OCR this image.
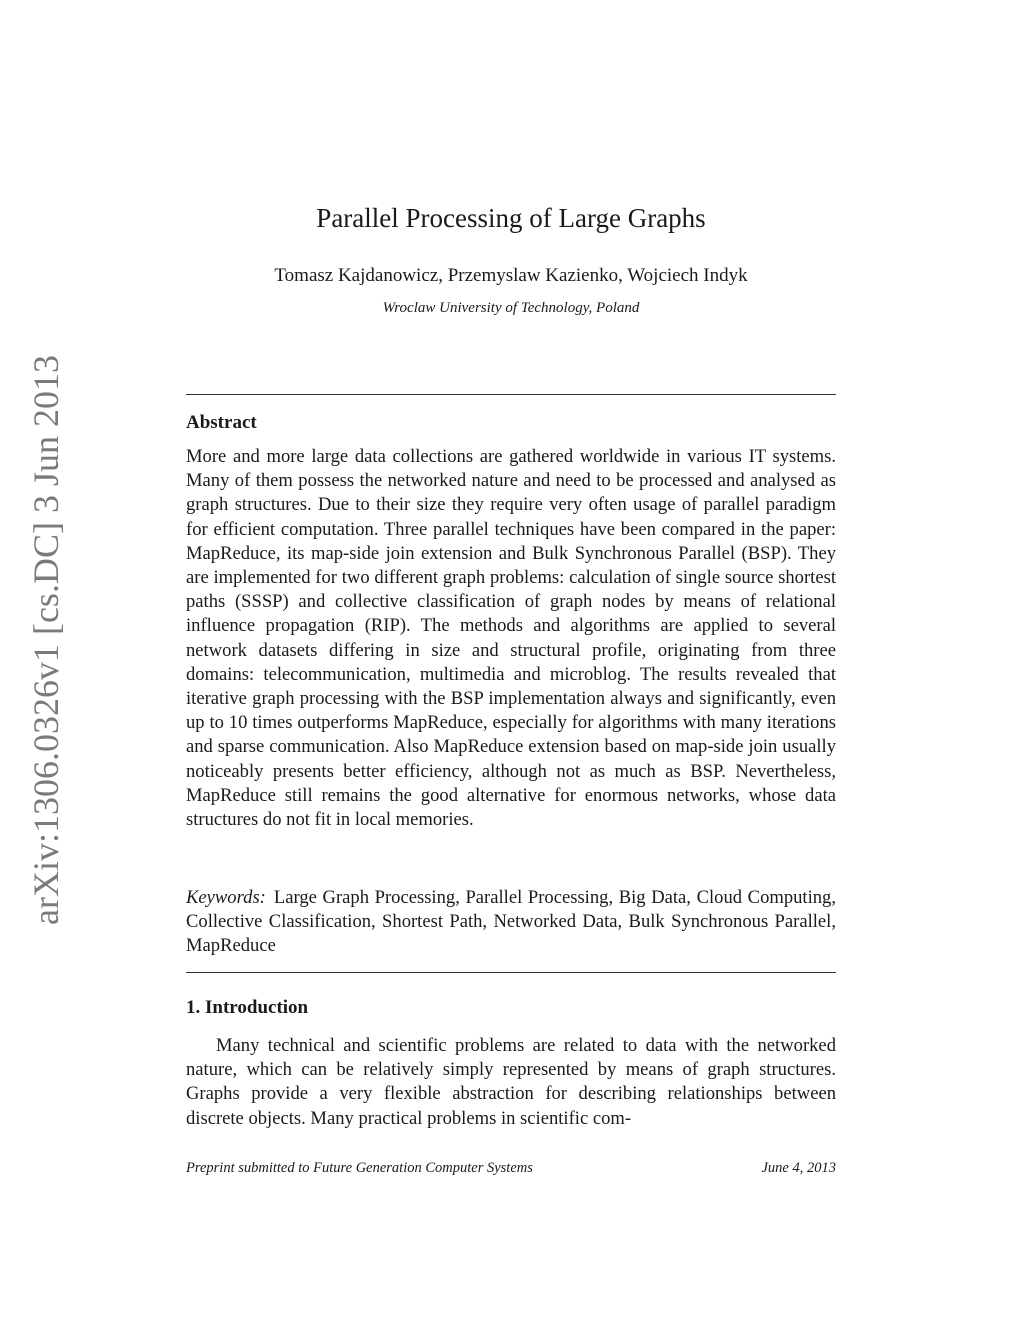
arXiv:1306.0326v1 [cs.DC] 3 Jun 2013
Parallel Processing of Large Graphs
Tomasz Kajdanowicz, Przemyslaw Kazienko, Wojciech Indyk
Wroclaw University of Technology, Poland
Abstract
More and more large data collections are gathered worldwide in various IT systems. Many of them possess the networked nature and need to be processed and analysed as graph structures. Due to their size they require very often usage of parallel paradigm for efficient computation. Three parallel techniques have been compared in the paper: MapReduce, its map-side join extension and Bulk Synchronous Parallel (BSP). They are implemented for two different graph problems: calculation of single source shortest paths (SSSP) and collective classification of graph nodes by means of relational influence propagation (RIP). The methods and algorithms are applied to several network datasets differing in size and structural profile, originating from three domains: telecommunication, multimedia and microblog. The results revealed that iterative graph processing with the BSP implementation always and significantly, even up to 10 times outperforms MapReduce, especially for algorithms with many iterations and sparse communication. Also MapReduce extension based on map-side join usually noticeably presents better efficiency, although not as much as BSP. Nevertheless, MapReduce still remains the good alternative for enormous networks, whose data structures do not fit in local memories.
Keywords: Large Graph Processing, Parallel Processing, Big Data, Cloud Computing, Collective Classification, Shortest Path, Networked Data, Bulk Synchronous Parallel, MapReduce
1. Introduction
Many technical and scientific problems are related to data with the networked nature, which can be relatively simply represented by means of graph structures. Graphs provide a very flexible abstraction for describing relationships between discrete objects. Many practical problems in scientific com-
Preprint submitted to Future Generation Computer Systems	June 4, 2013
